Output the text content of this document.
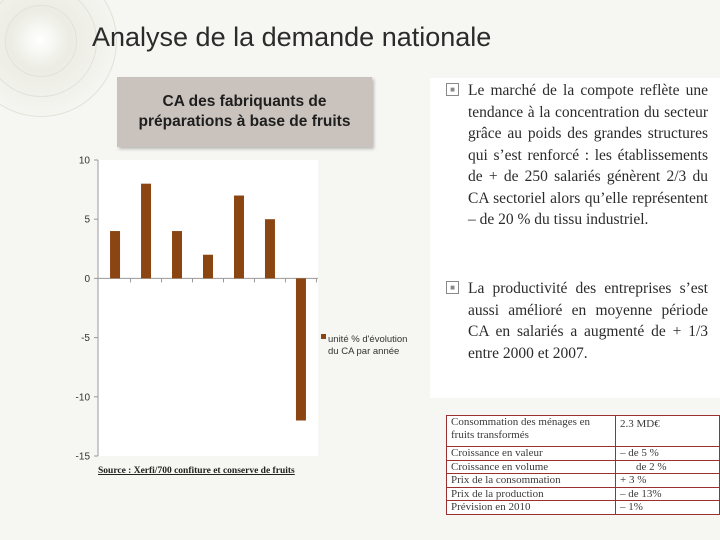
Analyse de la demande nationale
10
5
0
-5
-10
-15
CA des fabriquants de préparations à base de fruits
unité % d'évolution du CA par année
Source : Xerfi/700 confiture et conserve de fruits
■ Le marché de la compote reflète une tendance à la concentration du secteur grâce au poids des grandes structures qui s’est renforcé : les établissements de + de 250 salariés génèrent 2/3 du CA sectoriel alors qu’elle représentent – de 20 % du tissu industriel.
■ La productivité des entreprises s’est aussi amélioré en moyenne période CA en salariés a augmenté de + 1/3 entre 2000 et 2007.
Consommation des ménages en fruits transformés	2.3 MD€
Croissance en valeur	– de 5 %
Croissance en volume	de 2 %
Prix de la consommation	+ 3 %
Prix de la production	– de 13%
Prévision en 2010	– 1%
